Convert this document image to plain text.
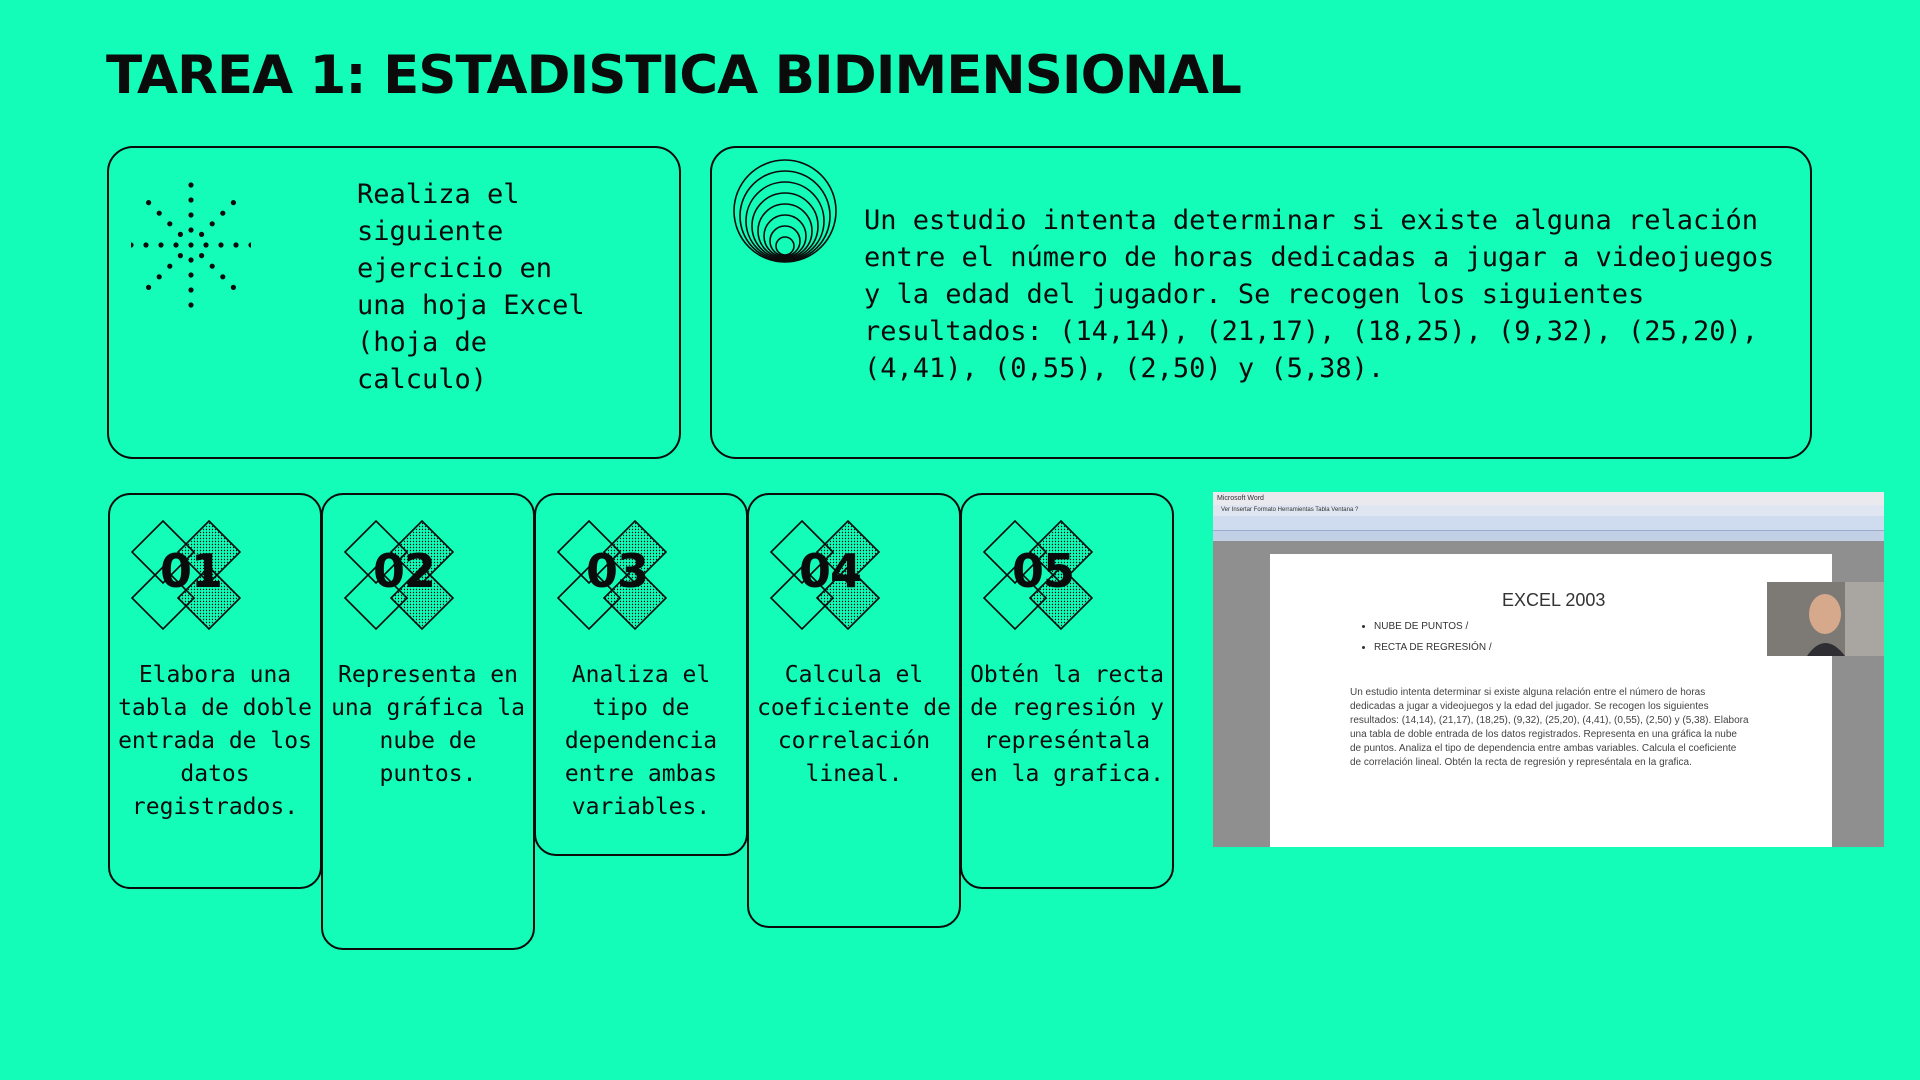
TAREA 1: ESTADISTICA BIDIMENSIONAL

Realiza el
siguiente
ejercicio en
una hoja Excel
(hoja de
calculo)

Un estudio intenta determinar si existe alguna relación entre el número de horas dedicadas a jugar a videojuegos y la edad del jugador. Se recogen los siguientes resultados: (14,14), (21,17), (18,25), (9,32), (25,20), (4,41), (0,55), (2,50) y (5,38).

01

Elabora una tabla de doble entrada de los datos registrados.

02

Representa en una gráfica la nube de puntos.

03

Analiza el tipo de dependencia entre ambas variables.

04

Calcula el coeficiente de correlación lineal.

05

Obtén la recta de regresión y represéntala en la grafica.

Microsoft Word
Ver Insertar Formato Herramientas Tabla Ventana ?

EXCEL 2003

• NUBE DE PUNTOS /
• RECTA DE REGRESIÓN /

Un estudio intenta determinar si existe alguna relación entre el número de horas dedicadas a jugar a videojuegos y la edad del jugador. Se recogen los siguientes resultados: (14,14), (21,17), (18,25), (9,32), (25,20), (4,41), (0,55), (2,50) y (5,38). Elabora una tabla de doble entrada de los datos registrados. Representa en una gráfica la nube de puntos. Analiza el tipo de dependencia entre ambas variables. Calcula el coeficiente de correlación lineal. Obtén la recta de regresión y represéntala en la grafica.
